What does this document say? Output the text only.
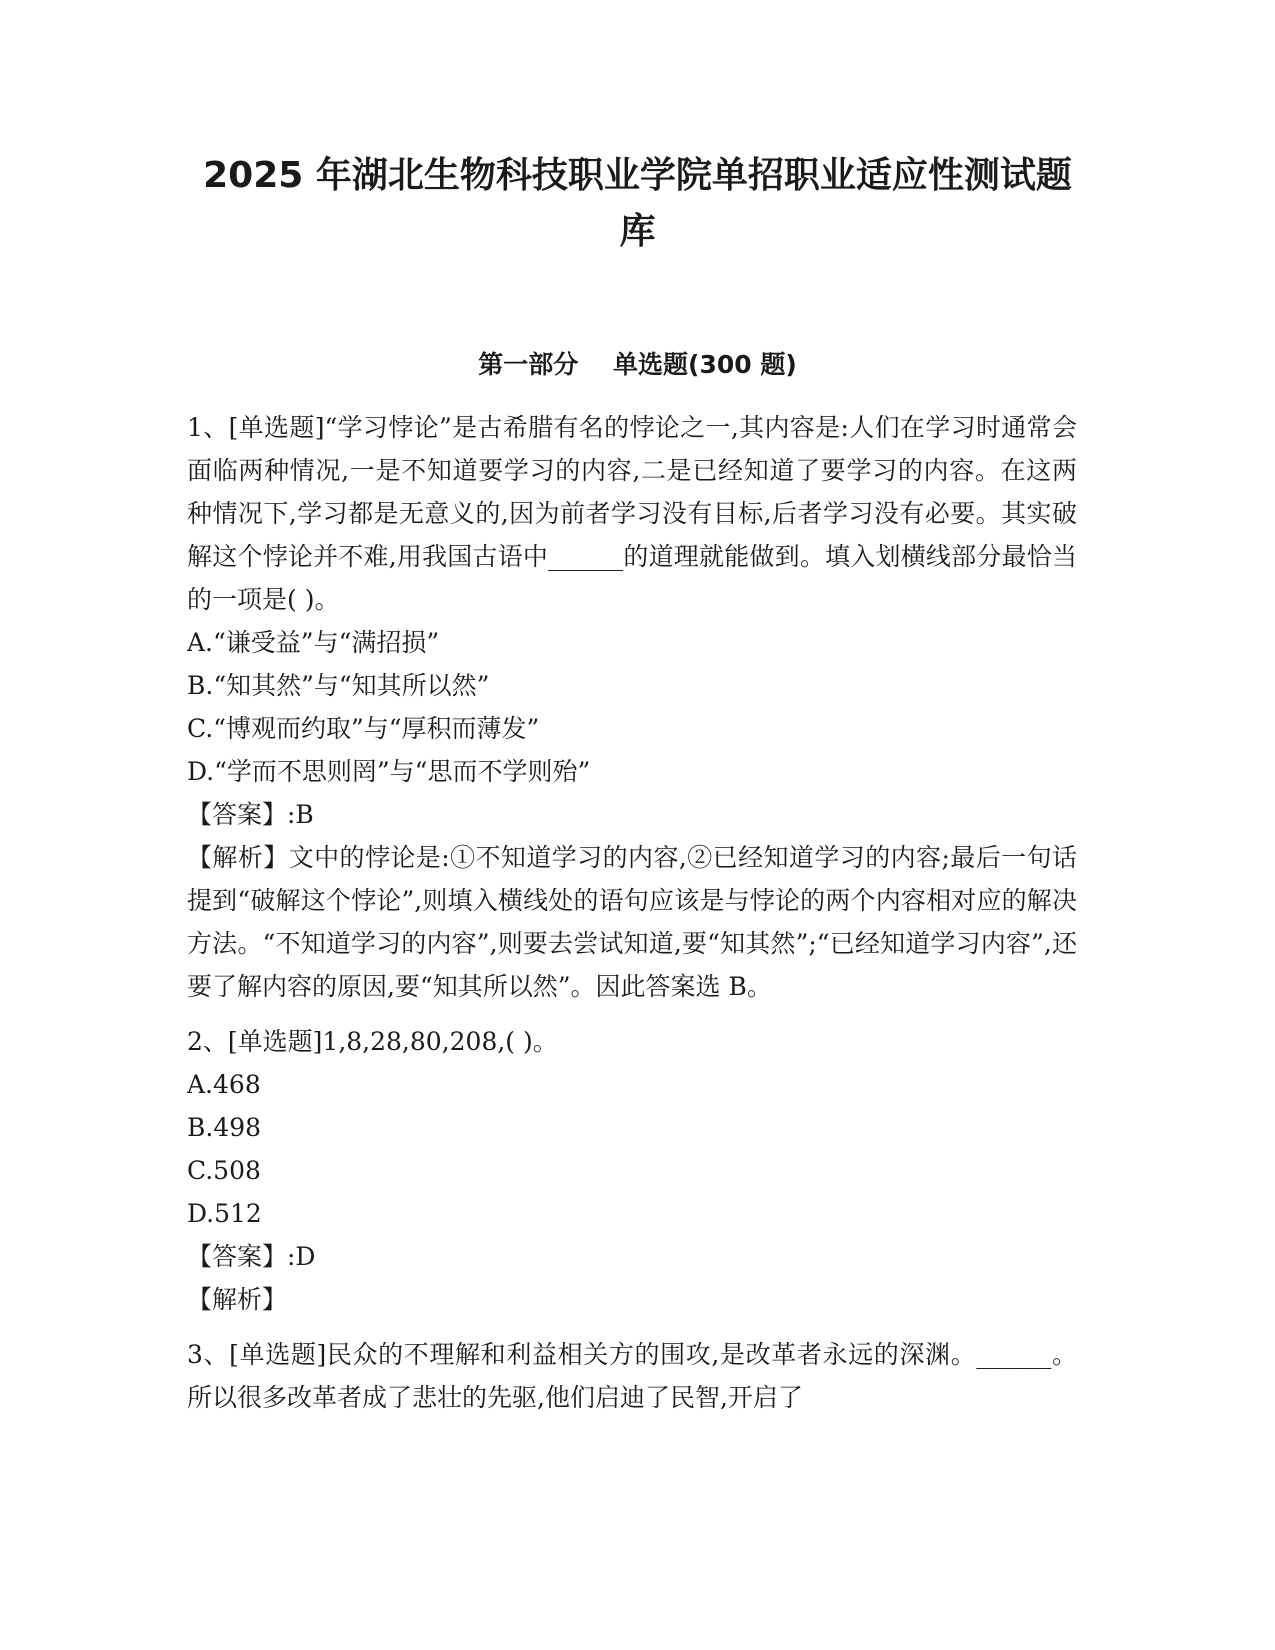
2025 年湖北生物科技职业学院单招职业适应性测试题
库
第一部分    单选题(300 题)

1、[单选题]“学习悖论”是古希腊有名的悖论之一,其内容是:人们在学习时通常会面临两种情况,一是不知道要学习的内容,二是已经知道了要学习的内容。在这两种情况下,学习都是无意义的,因为前者学习没有目标,后者学习没有必要。其实破解这个悖论并不难,用我国古语中______的道理就能做到。填入划横线部分最恰当的一项是( )。

A.“谦受益”与“满招损”

B.“知其然”与“知其所以然”

C.“博观而约取”与“厚积而薄发”

D.“学而不思则罔”与“思而不学则殆”

【答案】:B

【解析】文中的悖论是:①不知道学习的内容,②已经知道学习的内容;最后一句话提到“破解这个悖论”,则填入横线处的语句应该是与悖论的两个内容相对应的解决方法。“不知道学习的内容”,则要去尝试知道,要“知其然”;“已经知道学习内容”,还要了解内容的原因,要“知其所以然”。因此答案选 B。

2、[单选题]1,8,28,80,208,( )。

A.468

B.498

C.508

D.512

【答案】:D

【解析】

3、[单选题]民众的不理解和利益相关方的围攻,是改革者永远的深渊。______。所以很多改革者成了悲壮的先驱,他们启迪了民智,开启了
